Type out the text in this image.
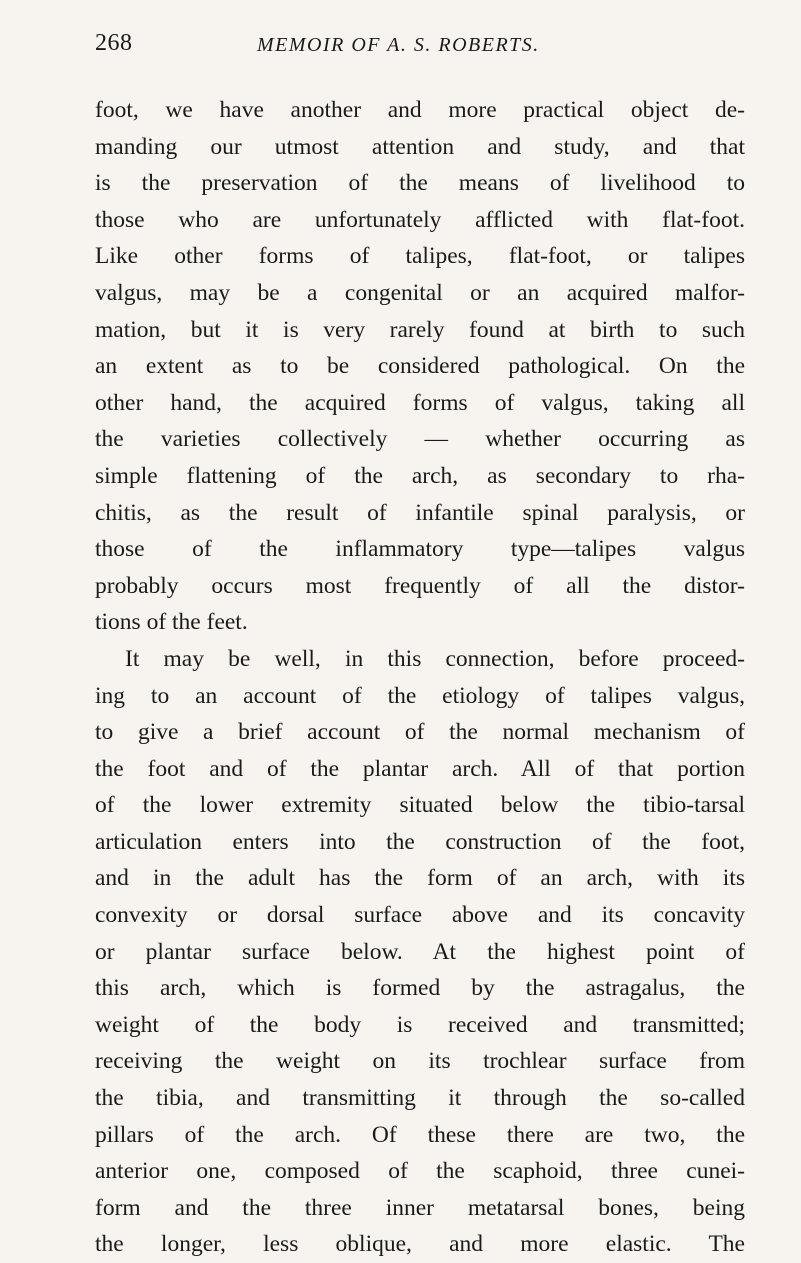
268	MEMOIR OF A. S. ROBERTS.
foot, we have another and more practical object de-
manding our utmost attention and study, and that
is the preservation of the means of livelihood to
those who are unfortunately afflicted with flat-foot.
Like other forms of talipes, flat-foot, or talipes
valgus, may be a congenital or an acquired malfor-
mation, but it is very rarely found at birth to such
an extent as to be considered pathological. On the
other hand, the acquired forms of valgus, taking all
the varieties collectively — whether occurring as
simple flattening of the arch, as secondary to rha-
chitis, as the result of infantile spinal paralysis, or
those of the inflammatory type—talipes valgus
probably occurs most frequently of all the distor-
tions of the feet.
It may be well, in this connection, before proceed-
ing to an account of the etiology of talipes valgus,
to give a brief account of the normal mechanism of
the foot and of the plantar arch. All of that portion
of the lower extremity situated below the tibio-tarsal
articulation enters into the construction of the foot,
and in the adult has the form of an arch, with its
convexity or dorsal surface above and its concavity
or plantar surface below. At the highest point of
this arch, which is formed by the astragalus, the
weight of the body is received and transmitted;
receiving the weight on its trochlear surface from
the tibia, and transmitting it through the so-called
pillars of the arch. Of these there are two, the
anterior one, composed of the scaphoid, three cunei-
form and the three inner metatarsal bones, being
the longer, less oblique, and more elastic. The
